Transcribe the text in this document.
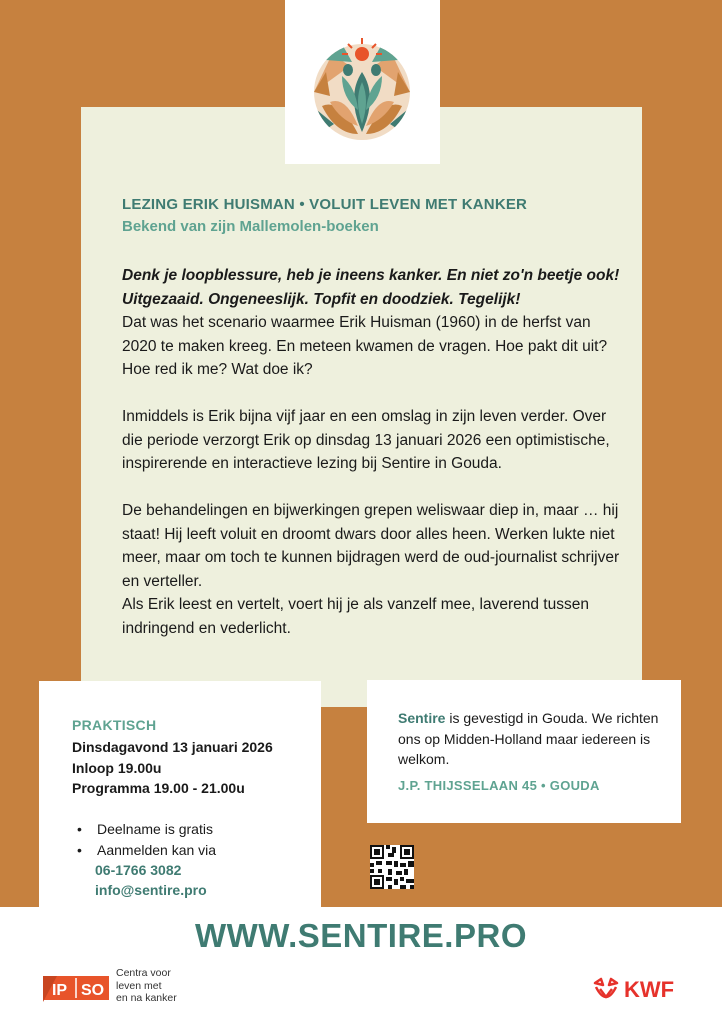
LEZING ERIK HUISMAN • VOLUIT LEVEN MET KANKER
Bekend van zijn Mallemolen-boeken
Denk je loopblessure, heb je ineens kanker. En niet zo'n beetje ook!
Uitgezaaid. Ongeneeslijk. Topfit en doodziek. Tegelijk!

Dat was het scenario waarmee Erik Huisman (1960) in de herfst van 2020 te maken kreeg. En meteen kwamen de vragen. Hoe pakt dit uit? Hoe red ik me? Wat doe ik?

Inmiddels is Erik bijna vijf jaar en een omslag in zijn leven verder. Over die periode verzorgt Erik op dinsdag 13 januari 2026 een optimistische, inspirerende en interactieve lezing bij Sentire in Gouda.

De behandelingen en bijwerkingen grepen weliswaar diep in, maar … hij staat! Hij leeft voluit en droomt dwars door alles heen. Werken lukte niet meer, maar om toch te kunnen bijdragen werd de oud-journalist schrijver en verteller.

Als Erik leest en vertelt, voert hij je als vanzelf mee, laverend tussen indringend en vederlicht.

PRAKTISCH
Dinsdagavond 13 januari 2026
Inloop 19.00u
Programma 19.00 - 21.00u
• Deelname is gratis
• Aanmelden kan via
06-1766 3082
info@sentire.pro
Sentire is gevestigd in Gouda. We richten ons op Midden-Holland maar iedereen is welkom.
J.P. THIJSSELAAN 45 • GOUDA
WWW.SENTIRE.PRO
IP SO
Centra voor
leven met
en na kanker	KWF
